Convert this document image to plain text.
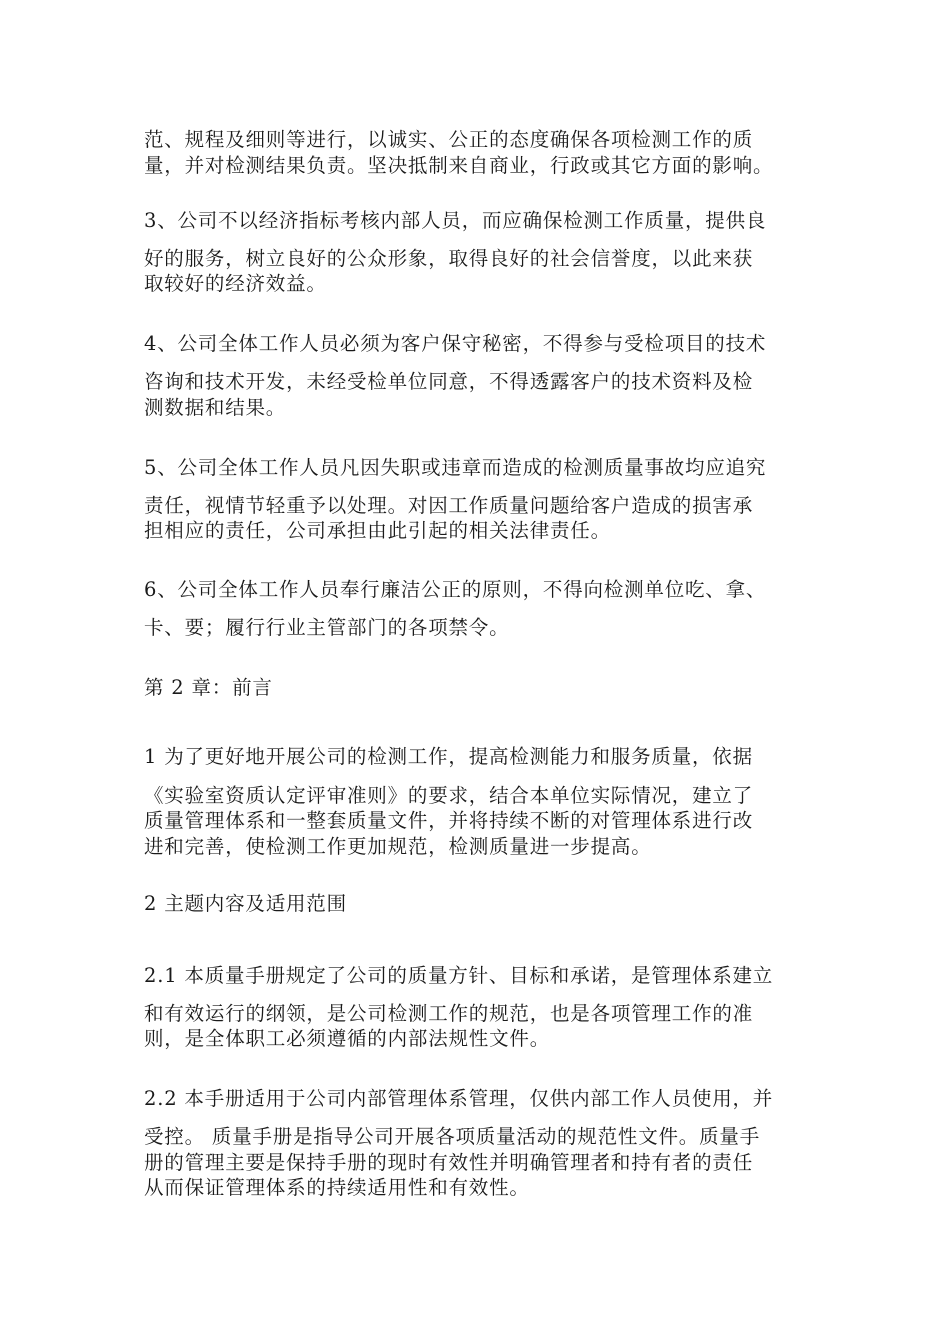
范、规程及细则等进行，以诚实、公正的态度确保各项检测工作的质
量，并对检测结果负责。坚决抵制来自商业，行政或其它方面的影响。
3、公司不以经济指标考核内部人员，而应确保检测工作质量，提供良
好的服务，树立良好的公众形象，取得良好的社会信誉度，以此来获
取较好的经济效益。
4、公司全体工作人员必须为客户保守秘密，不得参与受检项目的技术
咨询和技术开发，未经受检单位同意，不得透露客户的技术资料及检
测数据和结果。
5、公司全体工作人员凡因失职或违章而造成的检测质量事故均应追究
责任，视情节轻重予以处理。对因工作质量问题给客户造成的损害承
担相应的责任，公司承担由此引起的相关法律责任。
6、公司全体工作人员奉行廉洁公正的原则，不得向检测单位吃、拿、
卡、要；履行行业主管部门的各项禁令。
第 2 章：前言
1 为了更好地开展公司的检测工作，提高检测能力和服务质量，依据
《实验室资质认定评审准则》的要求，结合本单位实际情况，建立了
质量管理体系和一整套质量文件，并将持续不断的对管理体系进行改
进和完善，使检测工作更加规范，检测质量进一步提高。
2 主题内容及适用范围
2.1 本质量手册规定了公司的质量方针、目标和承诺，是管理体系建立
和有效运行的纲领，是公司检测工作的规范，也是各项管理工作的准
则，是全体职工必须遵循的内部法规性文件。
2.2 本手册适用于公司内部管理体系管理，仅供内部工作人员使用，并
受控。 质量手册是指导公司开展各项质量活动的规范性文件。质量手
册的管理主要是保持手册的现时有效性并明确管理者和持有者的责任
从而保证管理体系的持续适用性和有效性。
